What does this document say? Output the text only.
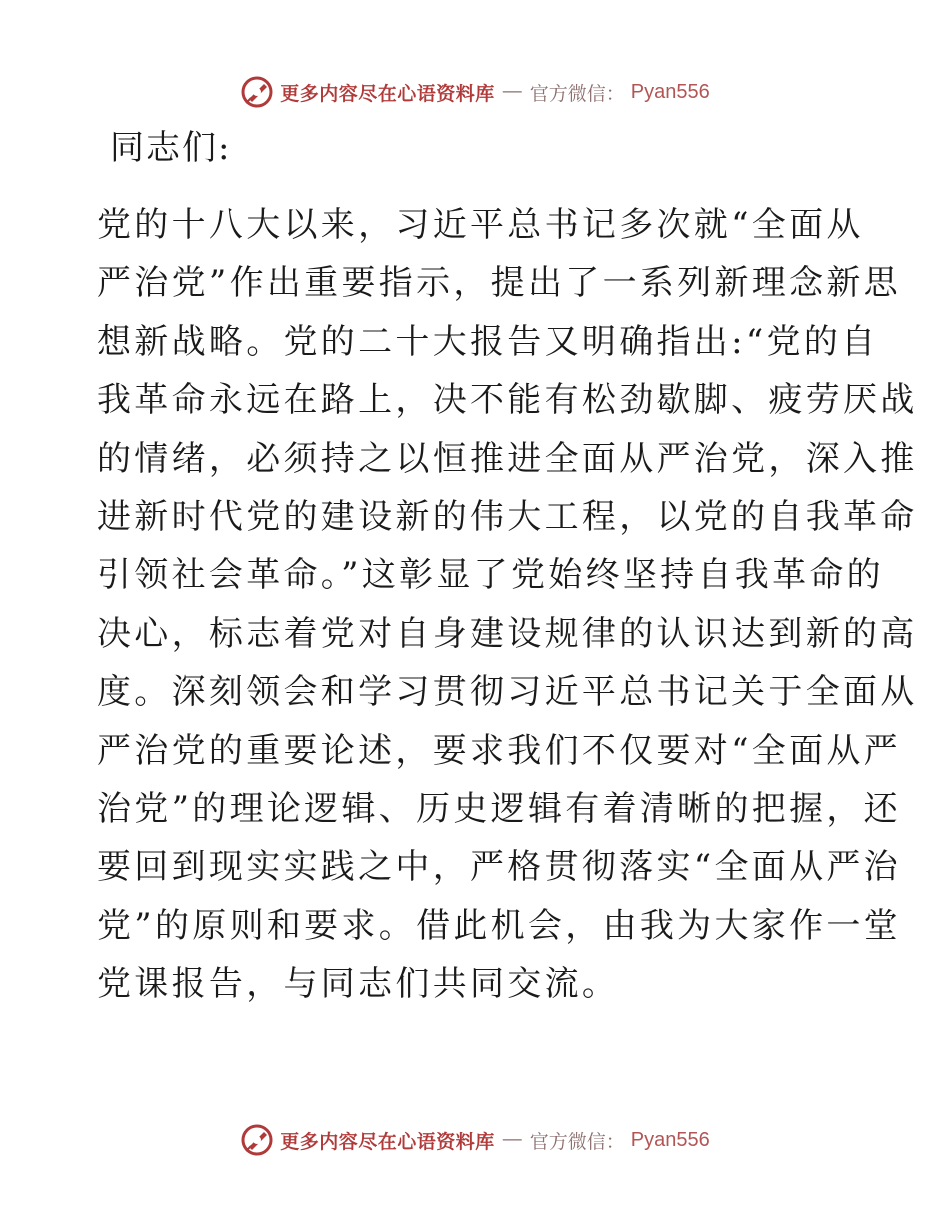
更多内容尽在心语资料库 — 官方微信： Pyan556

同志们:

党的十八大以来，习近平总书记多次就“全面从
严治党”作出重要指示，提出了一系列新理念新思
想新战略。党的二十大报告又明确指出:“党的自
我革命永远在路上，决不能有松劲歇脚、疲劳厌战
的情绪，必须持之以恒推进全面从严治党，深入推
进新时代党的建设新的伟大工程，以党的自我革命
引领社会革命。”这彰显了党始终坚持自我革命的
决心，标志着党对自身建设规律的认识达到新的高
度。深刻领会和学习贯彻习近平总书记关于全面从
严治党的重要论述，要求我们不仅要对“全面从严
治党”的理论逻辑、历史逻辑有着清晰的把握，还
要回到现实实践之中，严格贯彻落实“全面从严治
党”的原则和要求。借此机会，由我为大家作一堂
党课报告，与同志们共同交流。
更多内容尽在心语资料库 — 官方微信： Pyan556
